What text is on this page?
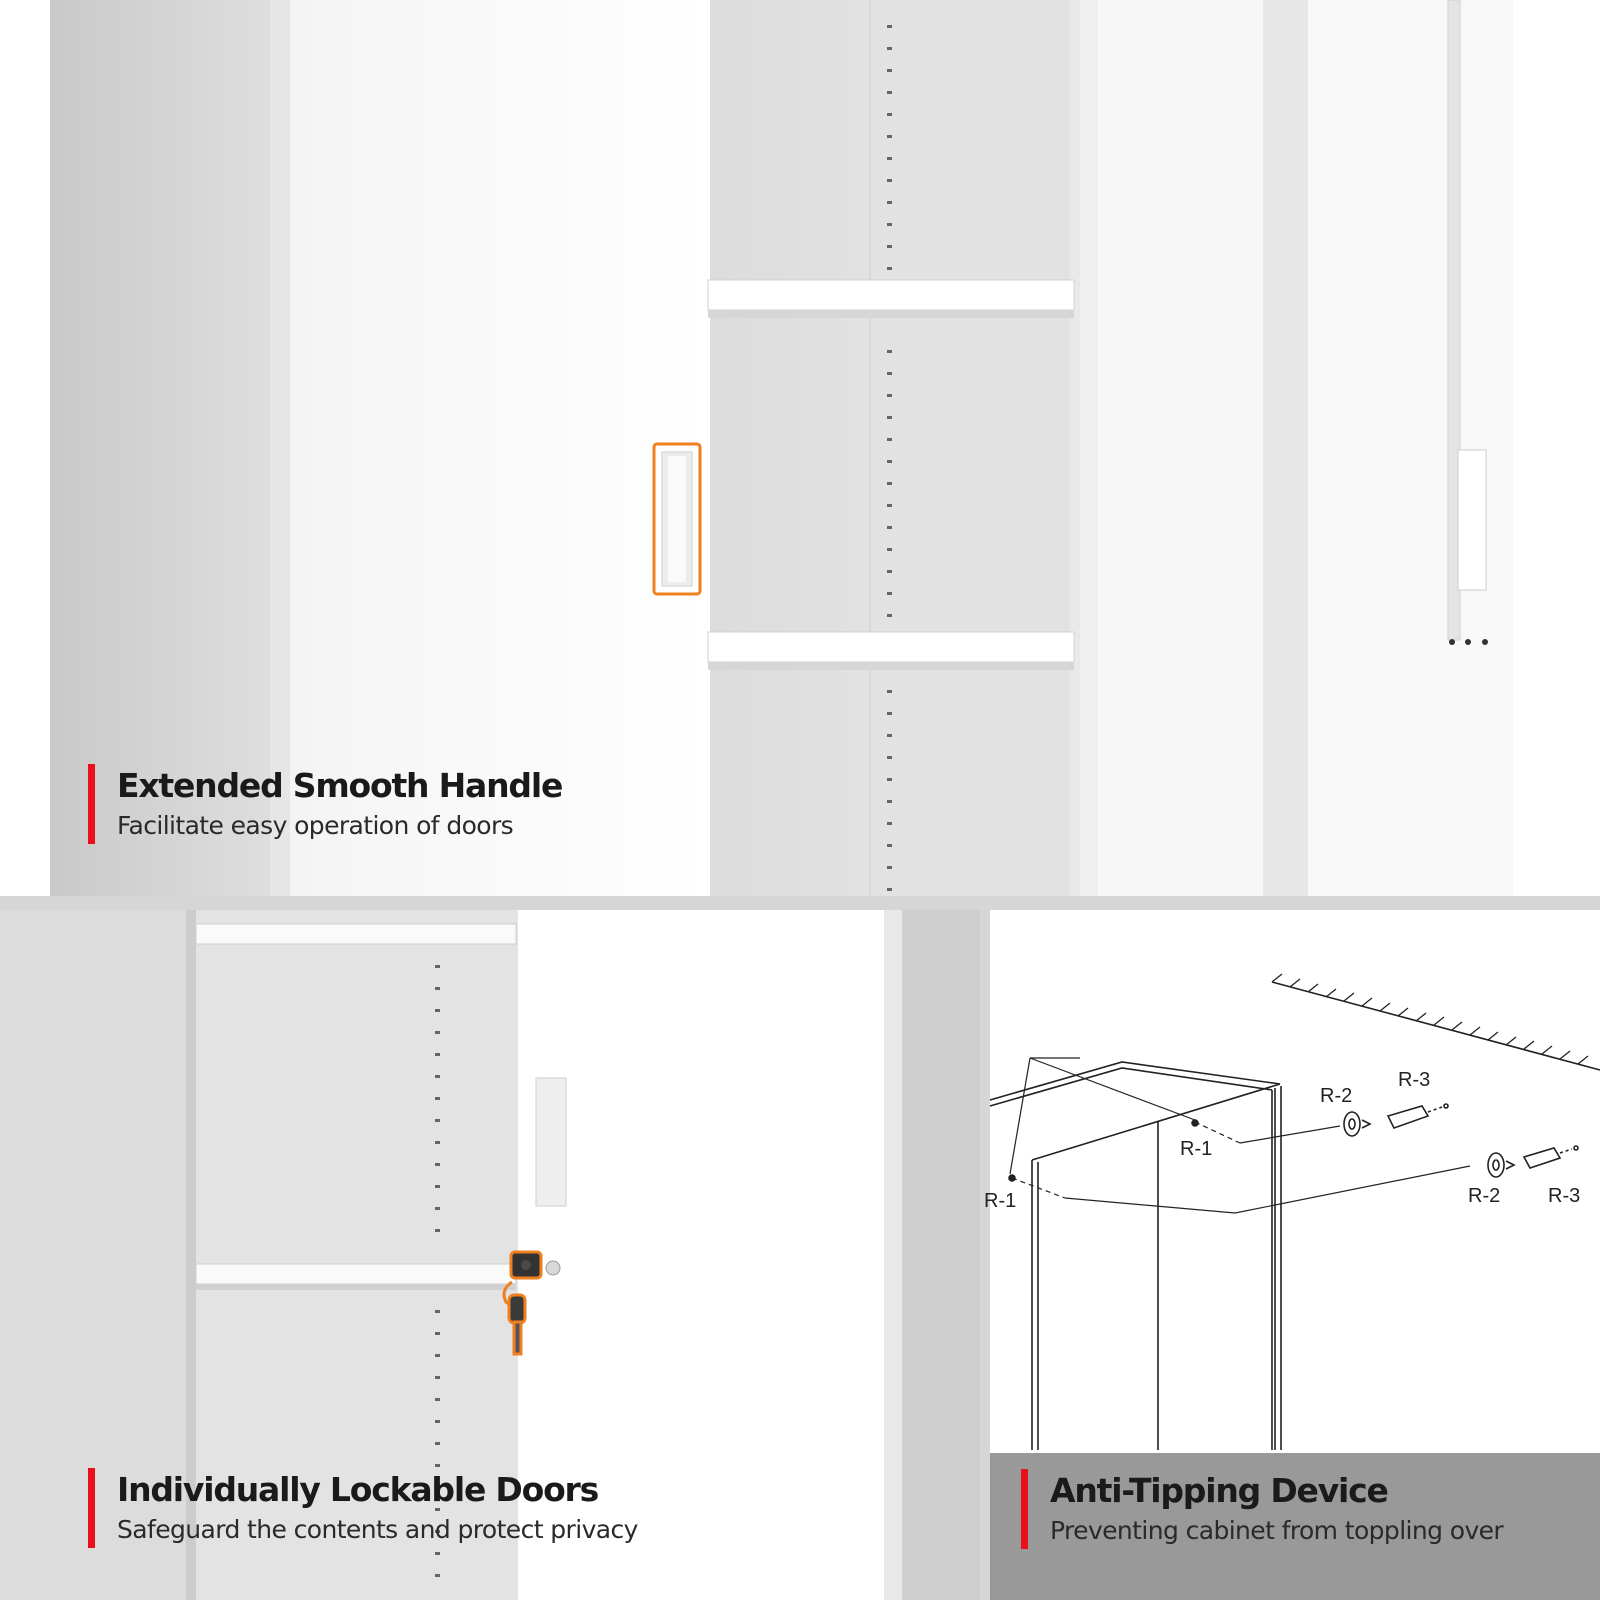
Extended Smooth Handle
Facilitate easy operation of doors
Individually Lockable Doors
Safeguard the contents and protect privacy
R-1
R-1
R-2
R-3
R-2 R-3
Anti-Tipping Device
Preventing cabinet from toppling over
